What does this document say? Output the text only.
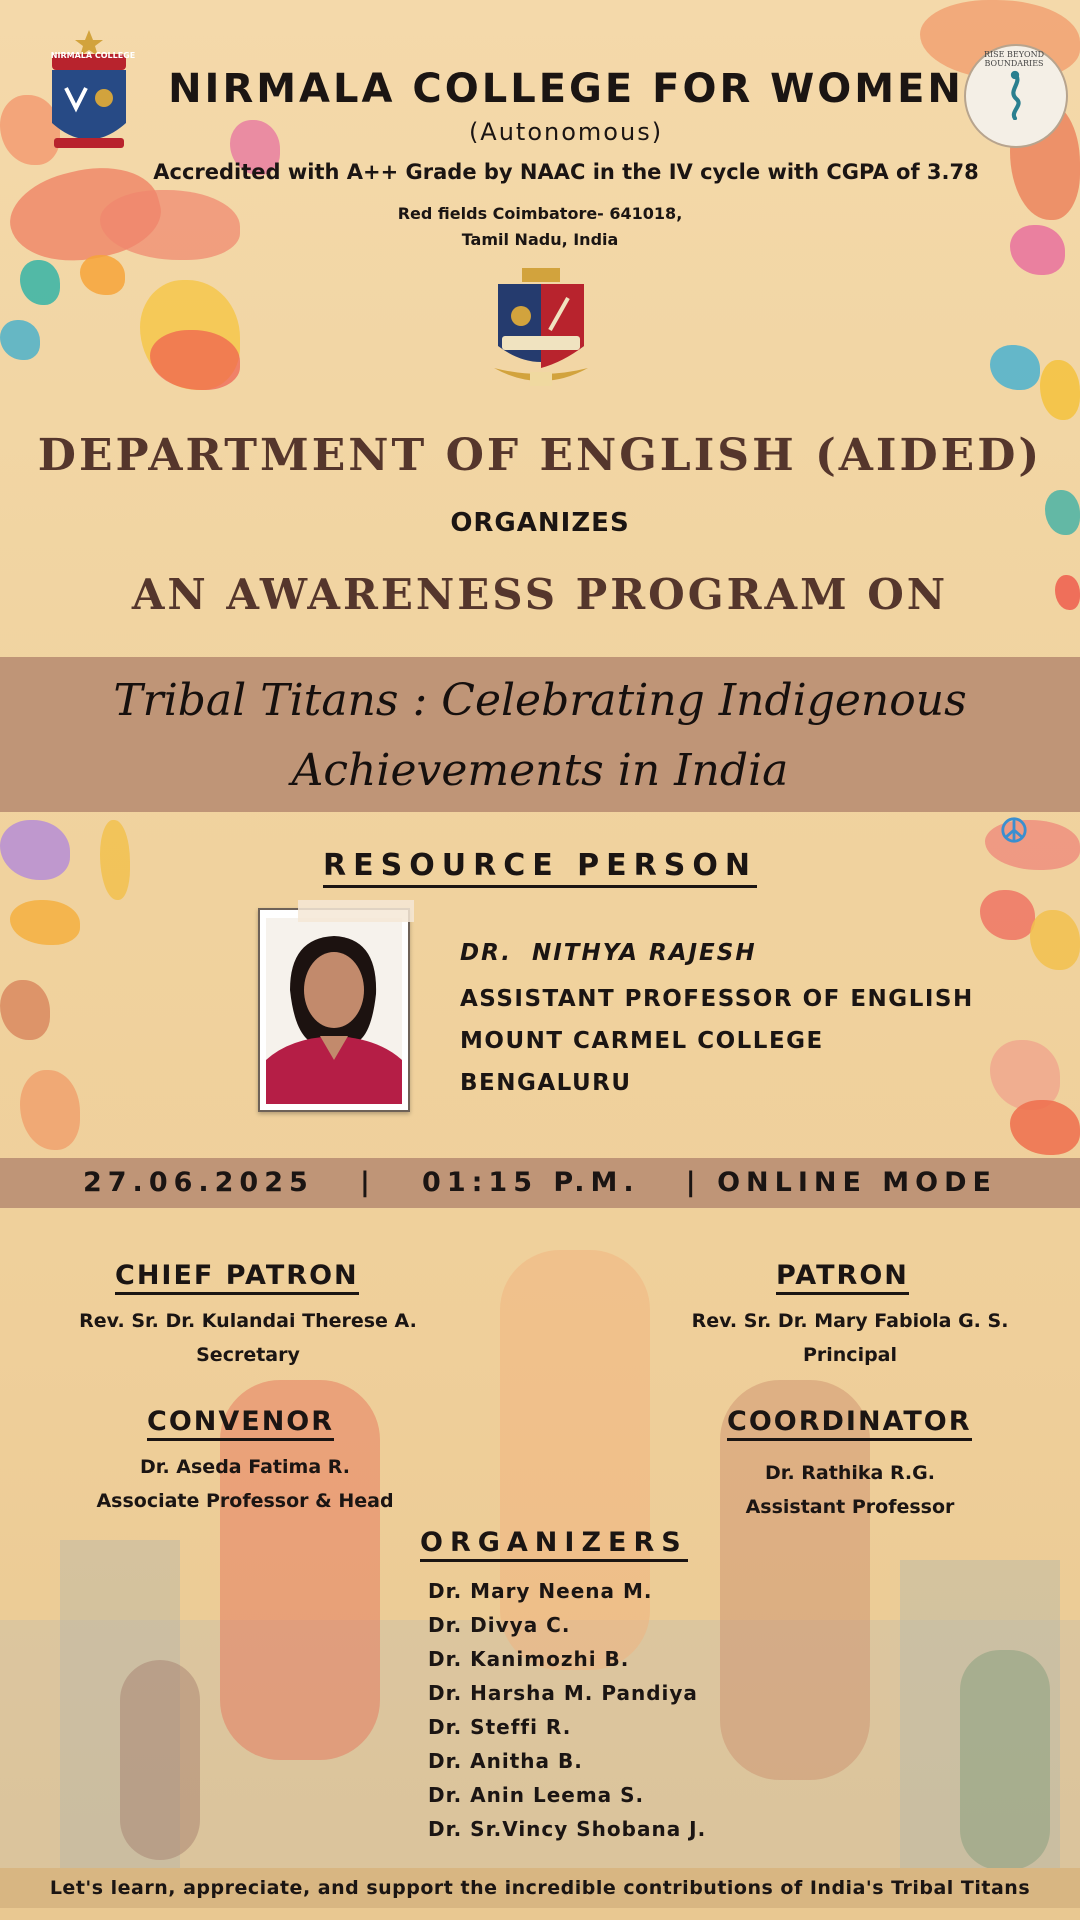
NIRMALA COLLEGE	RISE BEYOND BOUNDARIES
NIRMALA COLLEGE FOR WOMEN
(Autonomous)
Accredited with A++ Grade by NAAC in the IV cycle with CGPA of 3.78
Red fields Coimbatore- 641018,
Tamil Nadu, India
DEPARTMENT OF ENGLISH (AIDED)
ORGANIZES
AN AWARENESS PROGRAM ON
Tribal Titans : Celebrating Indigenous
Achievements in India
RESOURCE PERSON
DR.  NITHYA RAJESH
ASSISTANT PROFESSOR OF ENGLISH
MOUNT CARMEL COLLEGE
BENGALURU
27.06.2025   |   01:15 P.M.   | ONLINE MODE
CHIEF PATRON
Rev. Sr. Dr. Kulandai Therese A.
Secretary
PATRON
Rev. Sr. Dr. Mary Fabiola G. S.
Principal
CONVENOR
Dr. Aseda Fatima R.
Associate Professor & Head
COORDINATOR
Dr. Rathika R.G.
Assistant Professor
ORGANIZERS
Dr. Mary Neena M.
Dr. Divya C.
Dr. Kanimozhi B.
Dr. Harsha M. Pandiya
Dr. Steffi R.
Dr. Anitha B.
Dr. Anin Leema S.
Dr. Sr.Vincy Shobana J.
Let's learn, appreciate, and support the incredible contributions of India's Tribal Titans
